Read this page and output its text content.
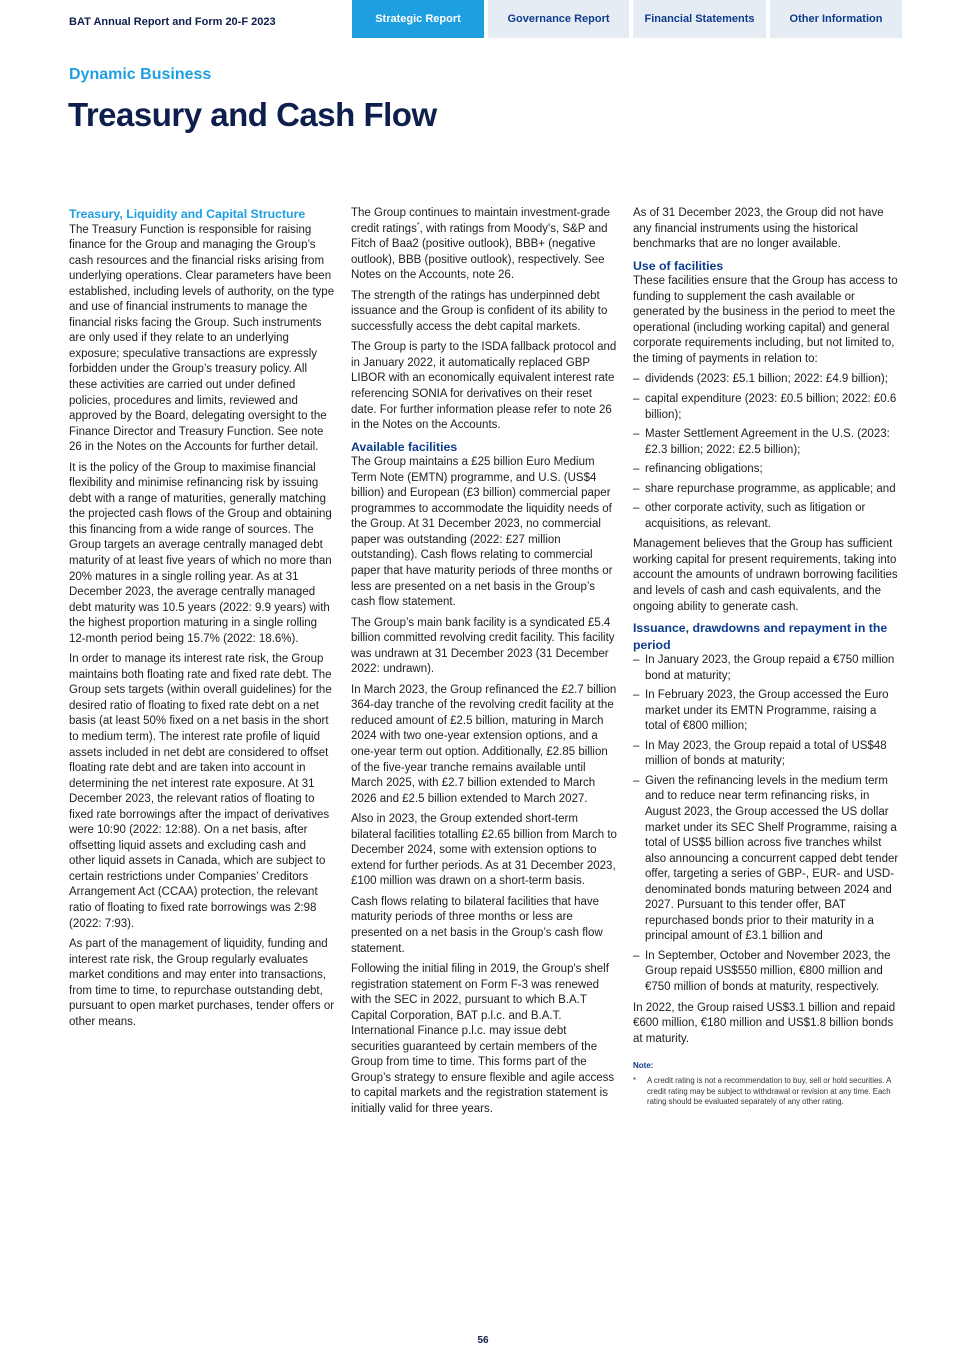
BAT Annual Report and Form 20-F 2023	Strategic Report	Governance Report	Financial Statements	Other Information
Dynamic Business
Treasury and Cash Flow
Treasury, Liquidity and Capital Structure

The Treasury Function is responsible for raising finance for the Group and managing the Group’s cash resources and the financial risks arising from underlying operations. Clear parameters have been established, including levels of authority, on the type and use of financial instruments to manage the financial risks facing the Group. Such instruments are only used if they relate to an underlying exposure; speculative transactions are expressly forbidden under the Group’s treasury policy. All these activities are carried out under defined policies, procedures and limits, reviewed and approved by the Board, delegating oversight to the Finance Director and Treasury Function. See note 26 in the Notes on the Accounts for further detail.

It is the policy of the Group to maximise financial flexibility and minimise refinancing risk by issuing debt with a range of maturities, generally matching the projected cash flows of the Group and obtaining this financing from a wide range of sources. The Group targets an average centrally managed debt maturity of at least five years of which no more than 20% matures in a single rolling year. As at 31 December 2023, the average centrally managed debt maturity was 10.5 years (2022: 9.9 years) with the highest proportion maturing in a single rolling 12-month period being 15.7% (2022: 18.6%).

In order to manage its interest rate risk, the Group maintains both floating rate and fixed rate debt. The Group sets targets (within overall guidelines) for the desired ratio of floating to fixed rate debt on a net basis (at least 50% fixed on a net basis in the short to medium term). The interest rate profile of liquid assets included in net debt are considered to offset floating rate debt and are taken into account in determining the net interest rate exposure. At 31 December 2023, the relevant ratios of floating to fixed rate borrowings after the impact of derivatives were 10:90 (2022: 12:88). On a net basis, after offsetting liquid assets and excluding cash and other liquid assets in Canada, which are subject to certain restrictions under Companies’ Creditors Arrangement Act (CCAA) protection, the relevant ratio of floating to fixed rate borrowings was 2:98 (2022: 7:93).

As part of the management of liquidity, funding and interest rate risk, the Group regularly evaluates market conditions and may enter into transactions, from time to time, to repurchase outstanding debt, pursuant to open market purchases, tender offers or other means.

The Group continues to maintain investment-grade credit ratings*, with ratings from Moody's, S&P and Fitch of Baa2 (positive outlook), BBB+ (negative outlook), BBB (positive outlook), respectively. See Notes on the Accounts, note 26.

The strength of the ratings has underpinned debt issuance and the Group is confident of its ability to successfully access the debt capital markets.

The Group is party to the ISDA fallback protocol and in January 2022, it automatically replaced GBP LIBOR with an economically equivalent interest rate referencing SONIA for derivatives on their reset date. For further information please refer to note 26 in the Notes on the Accounts.

Available facilities

The Group maintains a £25 billion Euro Medium Term Note (EMTN) programme, and U.S. (US$4 billion) and European (£3 billion) commercial paper programmes to accommodate the liquidity needs of the Group. At 31 December 2023, no commercial paper was outstanding (2022: £27 million outstanding). Cash flows relating to commercial paper that have maturity periods of three months or less are presented on a net basis in the Group’s cash flow statement.

The Group’s main bank facility is a syndicated £5.4 billion committed revolving credit facility. This facility was undrawn at 31 December 2023 (31 December 2022: undrawn).

In March 2023, the Group refinanced the £2.7 billion 364-day tranche of the revolving credit facility at the reduced amount of £2.5 billion, maturing in March 2024 with two one-year extension options, and a one-year term out option. Additionally, £2.85 billion of the five-year tranche remains available until March 2025, with £2.7 billion extended to March 2026 and £2.5 billion extended to March 2027.

Also in 2023, the Group extended short-term bilateral facilities totalling £2.65 billion from March to December 2024, some with extension options to extend for further periods. As at 31 December 2023, £100 million was drawn on a short-term basis.

Cash flows relating to bilateral facilities that have maturity periods of three months or less are presented on a net basis in the Group’s cash flow statement.

Following the initial filing in 2019, the Group's shelf registration statement on Form F-3 was renewed with the SEC in 2022, pursuant to which B.A.T Capital Corporation, BAT p.l.c. and B.A.T. International Finance p.l.c. may issue debt securities guaranteed by certain members of the Group from time to time. This forms part of the Group’s strategy to ensure flexible and agile access to capital markets and the registration statement is initially valid for three years.

As of 31 December 2023, the Group did not have any financial instruments using the historical benchmarks that are no longer available.

Use of facilities

These facilities ensure that the Group has access to funding to supplement the cash available or generated by the business in the period to meet the operational (including working capital) and general corporate requirements including, but not limited to, the timing of payments in relation to:

– dividends (2023: £5.1 billion; 2022: £4.9 billion);
– capital expenditure (2023: £0.5 billion; 2022: £0.6 billion);
– Master Settlement Agreement in the U.S. (2023: £2.3 billion; 2022: £2.5 billion);
– refinancing obligations;
– share repurchase programme, as applicable; and
– other corporate activity, such as litigation or acquisitions, as relevant.

Management believes that the Group has sufficient working capital for present requirements, taking into account the amounts of undrawn borrowing facilities and levels of cash and cash equivalents, and the ongoing ability to generate cash.

Issuance, drawdowns and repayment in the period
– In January 2023, the Group repaid a €750 million bond at maturity;
– In February 2023, the Group accessed the Euro market under its EMTN Programme, raising a total of €800 million;
– In May 2023, the Group repaid a total of US$48 million of bonds at maturity;
– Given the refinancing levels in the medium term and to reduce near term refinancing risks, in August 2023, the Group accessed the US dollar market under its SEC Shelf Programme, raising a total of US$5 billion across five tranches whilst also announcing a concurrent capped debt tender offer, targeting a series of GBP-, EUR- and USD-denominated bonds maturing between 2024 and 2027. Pursuant to this tender offer, BAT repurchased bonds prior to their maturity in a principal amount of £3.1 billion and
– In September, October and November 2023, the Group repaid US$550 million, €800 million and €750 million of bonds at maturity, respectively.

In 2022, the Group raised US$3.1 billion and repaid €600 million, €180 million and US$1.8 billion bonds at maturity.

Note:

* A credit rating is not a recommendation to buy, sell or hold securities. A credit rating may be subject to withdrawal or revision at any time. Each rating should be evaluated separately of any other rating.
56
